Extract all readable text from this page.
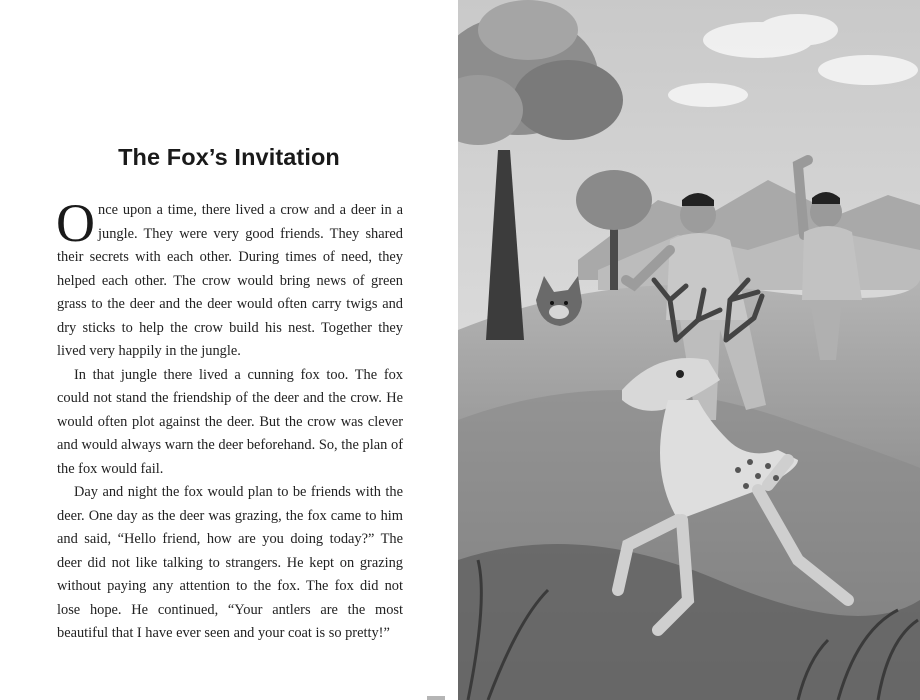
The Fox’s Invitation

Once upon a time, there lived a crow and a deer in a jungle. They were very good friends. They shared their secrets with each other. During times of need, they helped each other. The crow would bring news of green grass to the deer and the deer would often carry twigs and dry sticks to help the crow build his nest. Together they lived very happily in the jungle.

In that jungle there lived a cunning fox too. The fox could not stand the friendship of the deer and the crow. He would often plot against the deer. But the crow was clever and would always warn the deer beforehand. So, the plan of the fox would fail.

Day and night the fox would plan to be friends with the deer. One day as the deer was grazing, the fox came to him and said, “Hello friend, how are you doing today?” The deer did not like talking to strangers. He kept on grazing without paying any attention to the fox. The fox did not lose hope. He continued, “Your antlers are the most beautiful that I have ever seen and your coat is so pretty!”
